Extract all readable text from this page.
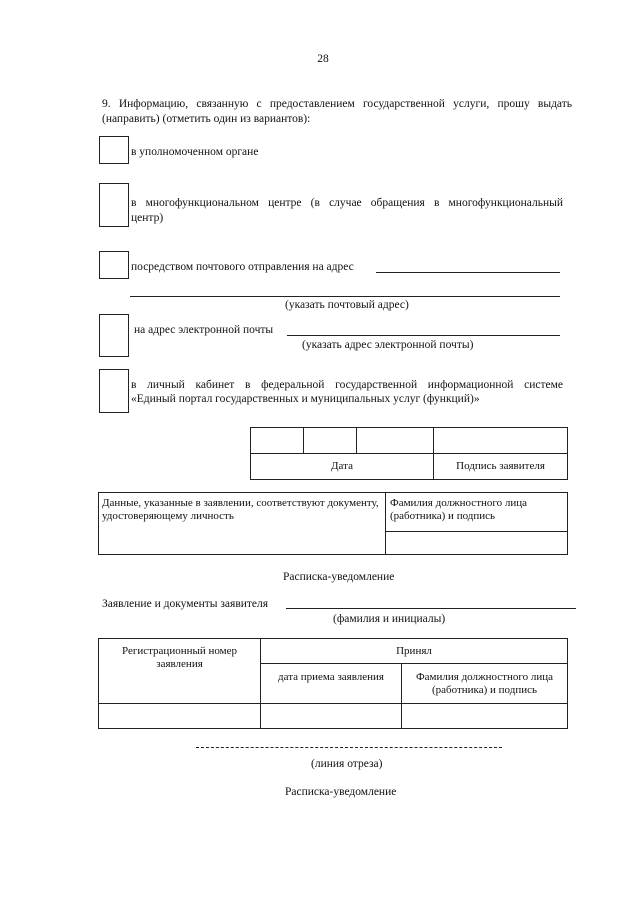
28
9. Информацию, связанную с предоставлением государственной услуги, прошу выдать
(направить) (отметить один из вариантов):
в уполномоченном органе
в многофункциональном центре (в случае обращения в многофункциональный
центр)
посредством почтового отправления на адрес
(указать почтовый адрес)
на адрес электронной почты
(указать адрес электронной почты)
в личный кабинет в федеральной государственной информационной системе
«Единый портал государственных и муниципальных услуг (функций)»

Дата			Подпись заявителя
Данные, указанные в заявлении, соответствуют документу, удостоверяющему личность	Фамилия должностного лица (работника) и подпись

Расписка-уведомление
Заявление и документы заявителя
(фамилия и инициалы)
Регистрационный номер заявления	Принял	
	дата приема заявления	Фамилия должностного лица (работника) и подпись

(линия отреза)
Расписка-уведомление
